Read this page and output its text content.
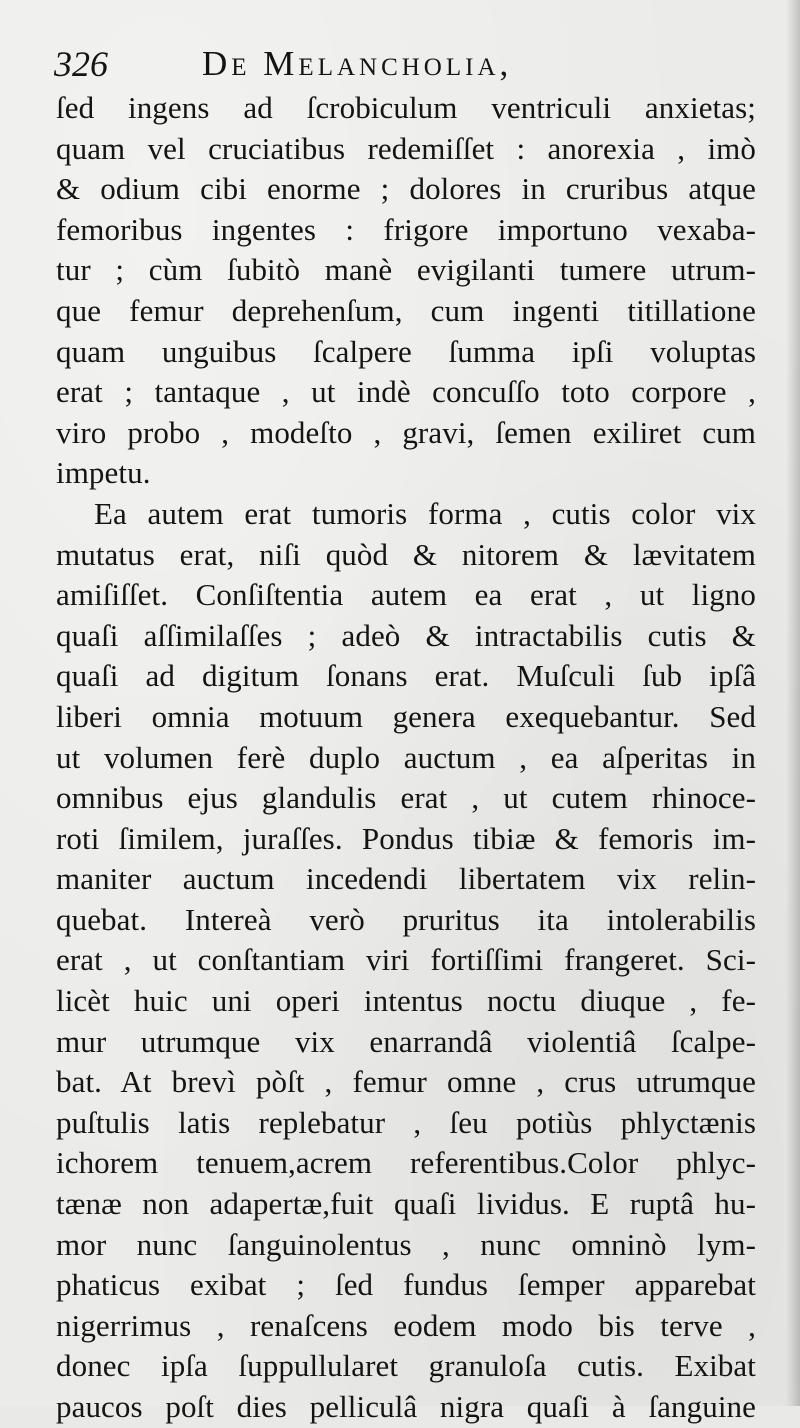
326	De Melancholia,
ſed ingens ad ſcrobiculum ventriculi anxietas;
quam vel cruciatibus redemiſſet : anorexia , imò
& odium cibi enorme ; dolores in cruribus atque
femoribus ingentes : frigore importuno vexaba-
tur ; cùm ſubitò manè evigilanti tumere utrum-
que femur deprehenſum, cum ingenti titillatione
quam unguibus ſcalpere ſumma ipſi voluptas
erat ; tantaque , ut indè concuſſo toto corpore ,
viro probo , modeſto , gravi, ſemen exiliret cum
impetu.
Ea autem erat tumoris forma , cutis color vix
mutatus erat, niſi quòd & nitorem & lævitatem
amiſiſſet. Conſiſtentia autem ea erat , ut ligno
quaſi aſſimilaſſes ; adeò & intractabilis cutis &
quaſi ad digitum ſonans erat. Muſculi ſub ipſâ
liberi omnia motuum genera exequebantur. Sed
ut volumen ferè duplo auctum , ea aſperitas in
omnibus ejus glandulis erat , ut cutem rhinoce-
roti ſimilem, juraſſes. Pondus tibiæ & femoris im-
maniter auctum incedendi libertatem vix relin-
quebat. Intereà verò pruritus ita intolerabilis
erat , ut conſtantiam viri fortiſſimi frangeret. Sci-
licèt huic uni operi intentus noctu diuque , fe-
mur utrumque vix enarrandâ violentiâ ſcalpe-
bat. At brevì pòſt , femur omne , crus utrumque
puſtulis latis replebatur , ſeu potiùs phlyctænis
ichorem tenuem,acrem referentibus.Color phlyc-
tænæ non adapertæ,fuit quaſi lividus. E ruptâ hu-
mor nunc ſanguinolentus , nunc omninò lym-
phaticus exibat ; ſed fundus ſemper apparebat
nigerrimus , renaſcens eodem modo bis terve ,
donec ipſa ſuppullularet granuloſa cutis. Exibat
paucos poſt dies pelliculâ nigra quaſi à ſanguine
